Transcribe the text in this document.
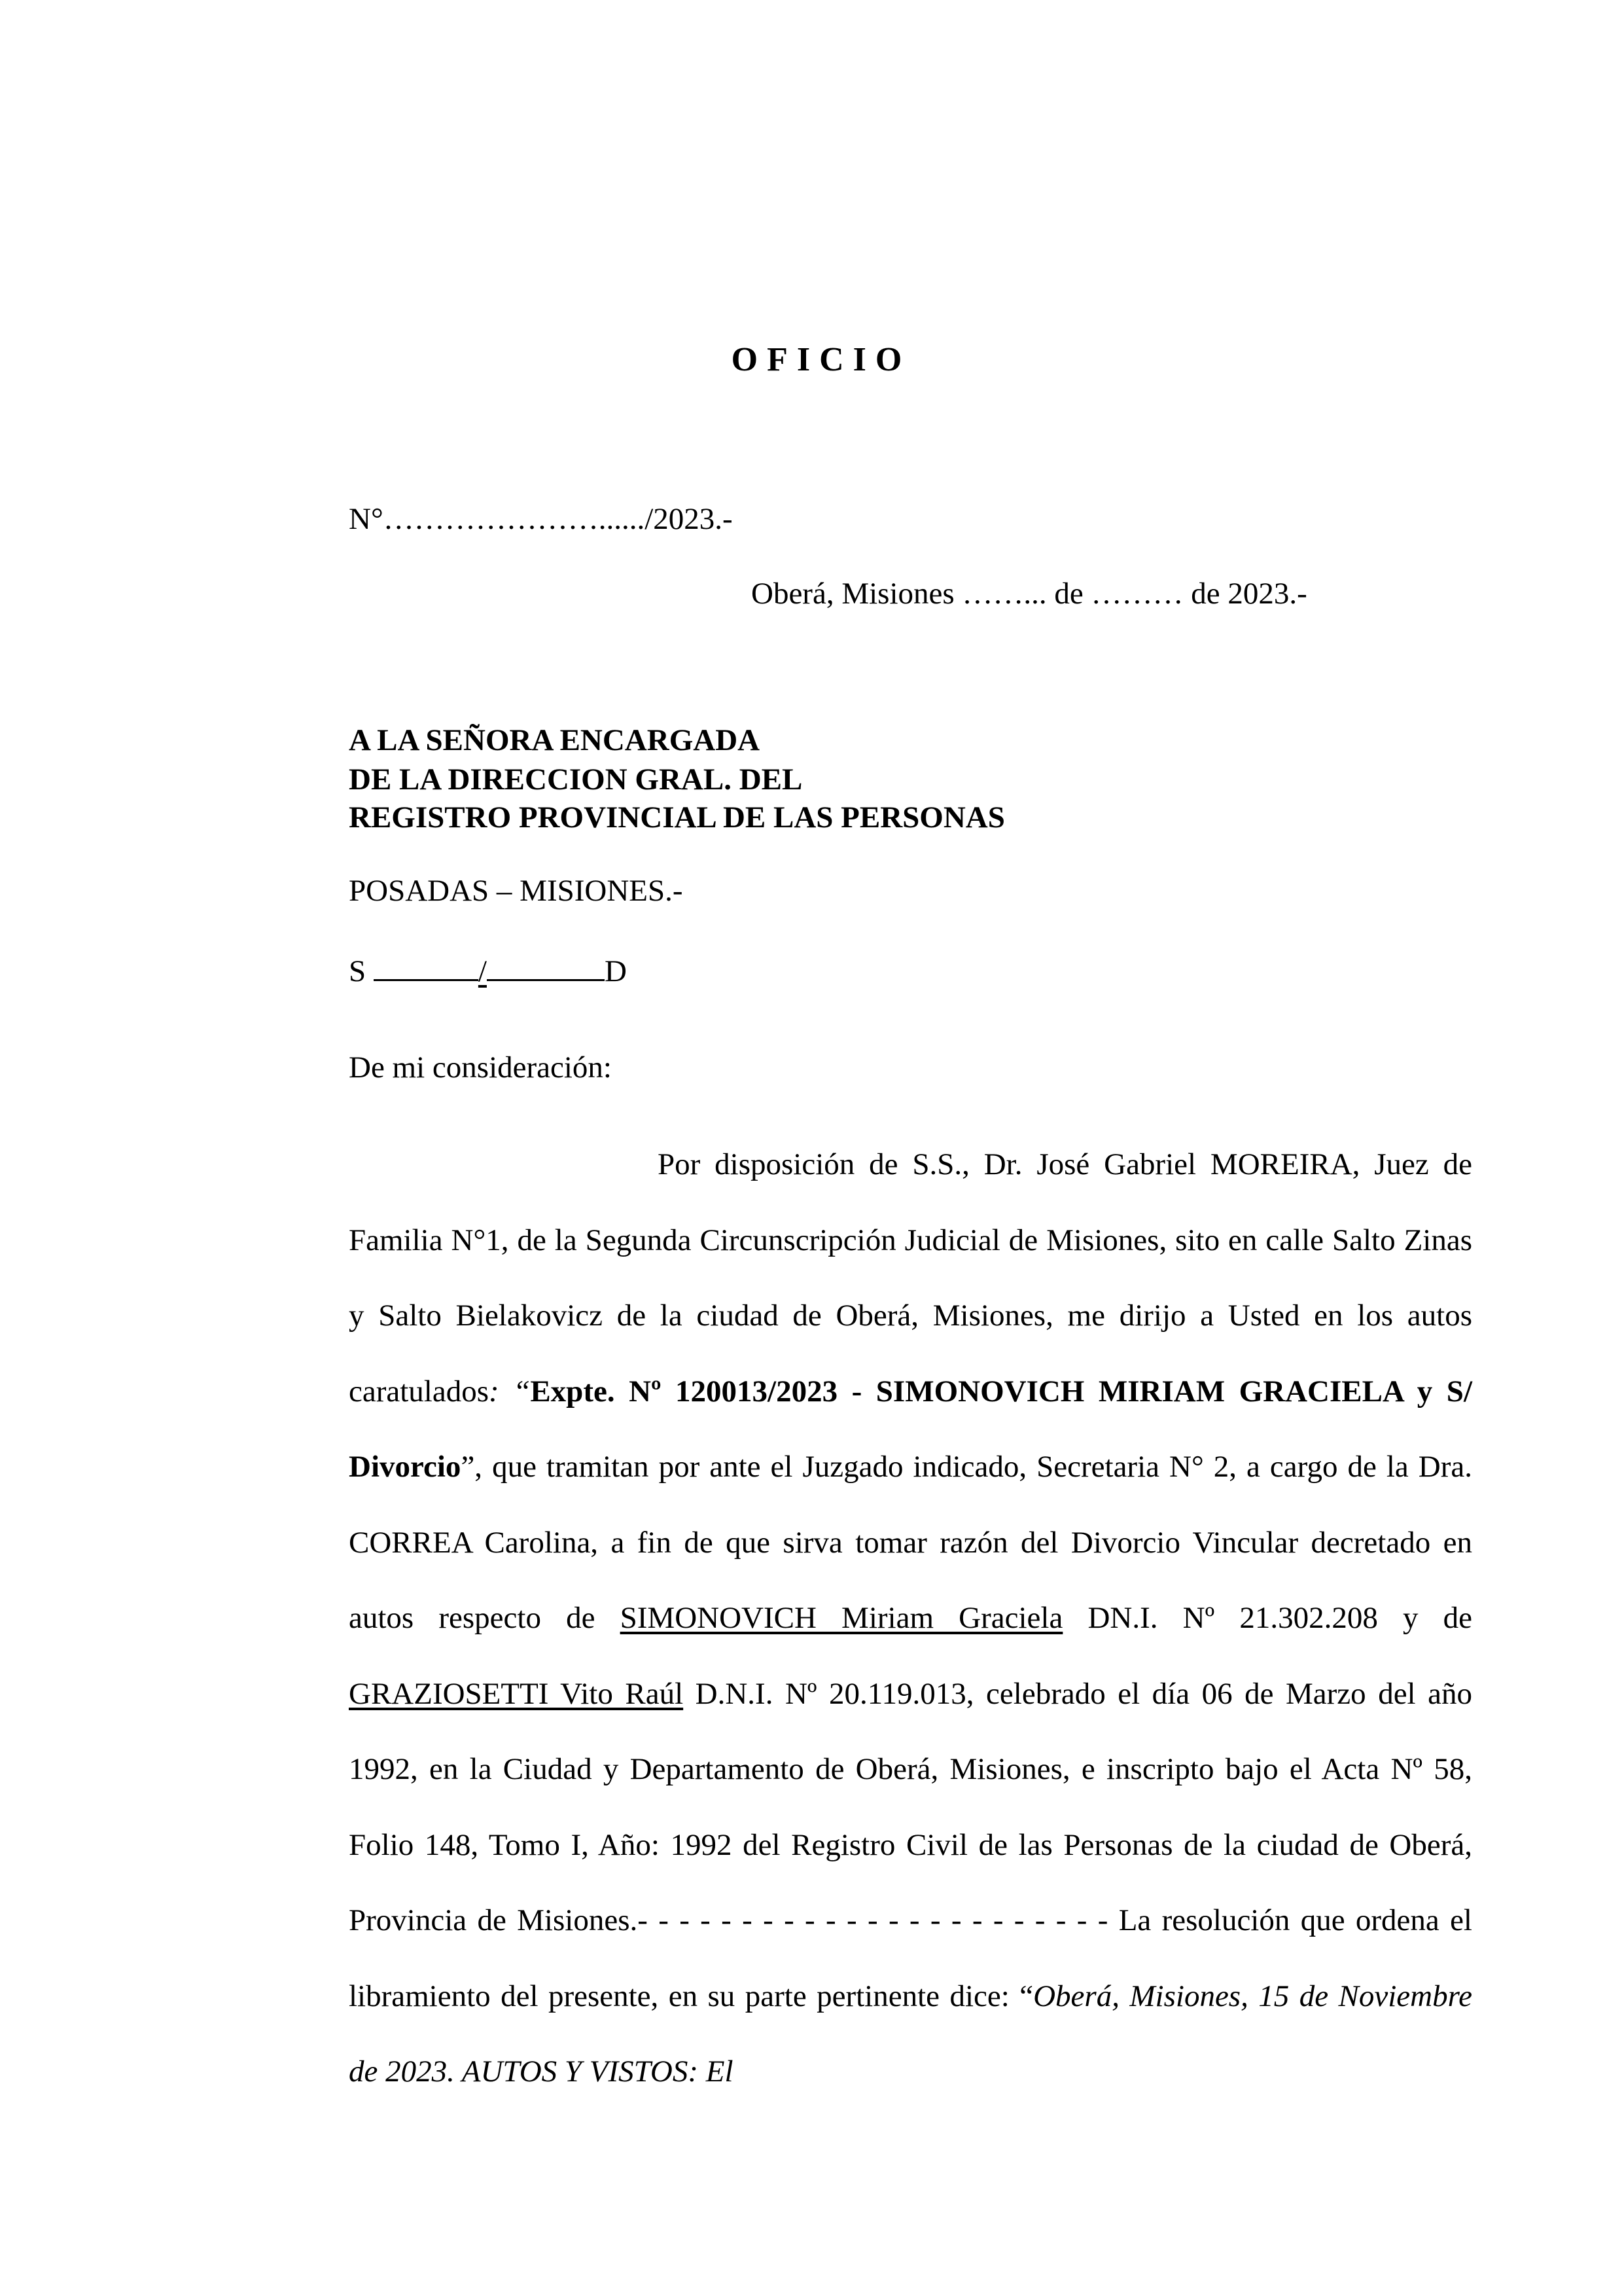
O F I C I O
N°…………………....../2023.-
Oberá, Misiones ……... de ……… de 2023.-
A LA SEÑORA ENCARGADA
DE LA DIRECCION GRAL. DEL
REGISTRO PROVINCIAL DE LAS PERSONAS
POSADAS – MISIONES.-
S	/	D
De mi consideración:
Por disposición de S.S., Dr. José Gabriel MOREIRA, Juez de Familia N°1, de la Segunda Circunscripción Judicial de Misiones, sito en calle Salto Zinas y Salto Bielakovicz de la ciudad de Oberá, Misiones, me dirijo a Usted en los autos caratulados: “Expte. Nº 120013/2023 - SIMONOVICH MIRIAM GRACIELA y S/ Divorcio”, que tramitan por ante el Juzgado indicado, Secretaria N° 2, a cargo de la Dra. CORREA Carolina, a fin de que sirva tomar razón del Divorcio Vincular decretado en autos respecto de SIMONOVICH Miriam Graciela DN.I. Nº 21.302.208 y de GRAZIOSETTI Vito Raúl D.N.I. Nº 20.119.013, celebrado el día 06 de Marzo del año 1992, en la Ciudad y Departamento de Oberá, Misiones, e inscripto bajo el Acta Nº 58, Folio 148, Tomo I, Año: 1992 del Registro Civil de las Personas de la ciudad de Oberá, Provincia de Misiones.- - - - - - - - - - - - - - - - - - - - - - - La resolución que ordena el libramiento del presente, en su parte pertinente dice: “Oberá, Misiones, 15 de Noviembre de 2023. AUTOS Y VISTOS: El
